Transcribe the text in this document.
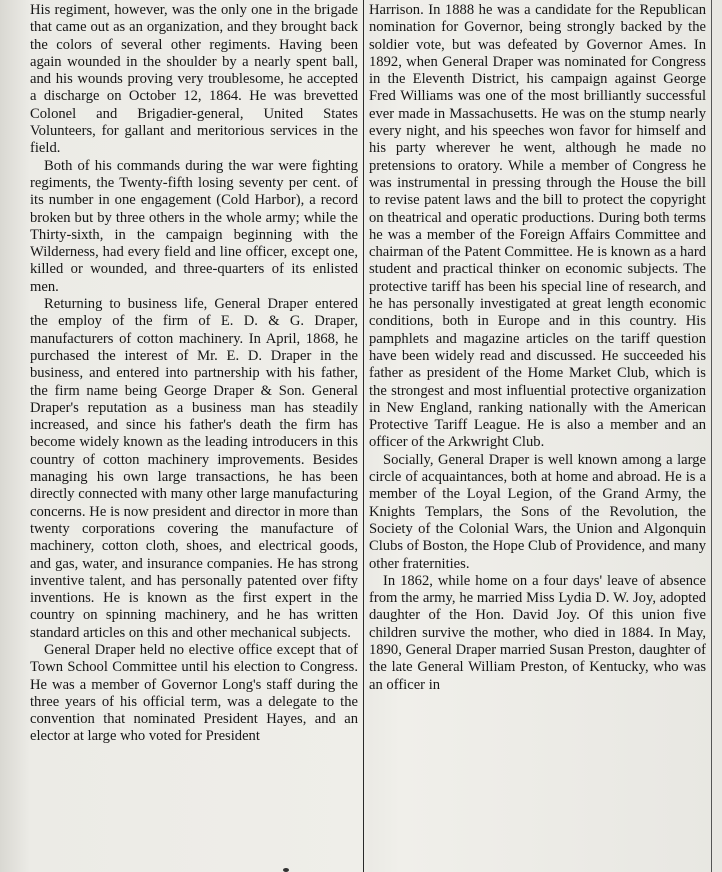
His regiment, however, was the only one in the brigade that came out as an organization, and they brought back the colors of several other regiments. Having been again wounded in the shoulder by a nearly spent ball, and his wounds proving very troublesome, he accepted a discharge on October 12, 1864. He was brevetted Colonel and Brigadier-general, United States Volunteers, for gallant and meritorious services in the field.

Both of his commands during the war were fighting regiments, the Twenty-fifth losing seventy per cent. of its number in one engagement (Cold Harbor), a record broken but by three others in the whole army; while the Thirty-sixth, in the campaign beginning with the Wilderness, had every field and line officer, except one, killed or wounded, and three-quarters of its enlisted men.

Returning to business life, General Draper entered the employ of the firm of E. D. & G. Draper, manufacturers of cotton machinery. In April, 1868, he purchased the interest of Mr. E. D. Draper in the business, and entered into partnership with his father, the firm name being George Draper & Son. General Draper's reputation as a business man has steadily increased, and since his father's death the firm has become widely known as the leading introducers in this country of cotton machinery improvements. Besides managing his own large transactions, he has been directly connected with many other large manufacturing concerns. He is now president and director in more than twenty corporations covering the manufacture of machinery, cotton cloth, shoes, and electrical goods, and gas, water, and insurance companies. He has strong inventive talent, and has personally patented over fifty inventions. He is known as the first expert in the country on spinning machinery, and he has written standard articles on this and other mechanical subjects.

General Draper held no elective office except that of Town School Committee until his election to Congress. He was a member of Governor Long's staff during the three years of his official term, was a delegate to the convention that nominated President Hayes, and an elector at large who voted for President

Harrison. In 1888 he was a candidate for the Republican nomination for Governor, being strongly backed by the soldier vote, but was defeated by Governor Ames. In 1892, when General Draper was nominated for Congress in the Eleventh District, his campaign against George Fred Williams was one of the most brilliantly successful ever made in Massachusetts. He was on the stump nearly every night, and his speeches won favor for himself and his party wherever he went, although he made no pretensions to oratory. While a member of Congress he was instrumental in pressing through the House the bill to revise patent laws and the bill to protect the copyright on theatrical and operatic productions. During both terms he was a member of the Foreign Affairs Committee and chairman of the Patent Committee. He is known as a hard student and practical thinker on economic subjects. The protective tariff has been his special line of research, and he has personally investigated at great length economic conditions, both in Europe and in this country. His pamphlets and magazine articles on the tariff question have been widely read and discussed. He succeeded his father as president of the Home Market Club, which is the strongest and most influential protective organization in New England, ranking nationally with the American Protective Tariff League. He is also a member and an officer of the Arkwright Club.

Socially, General Draper is well known among a large circle of acquaintances, both at home and abroad. He is a member of the Loyal Legion, of the Grand Army, the Knights Templars, the Sons of the Revolution, the Society of the Colonial Wars, the Union and Algonquin Clubs of Boston, the Hope Club of Providence, and many other fraternities.

In 1862, while home on a four days' leave of absence from the army, he married Miss Lydia D. W. Joy, adopted daughter of the Hon. David Joy. Of this union five children survive the mother, who died in 1884. In May, 1890, General Draper married Susan Preston, daughter of the late General William Preston, of Kentucky, who was an officer in
